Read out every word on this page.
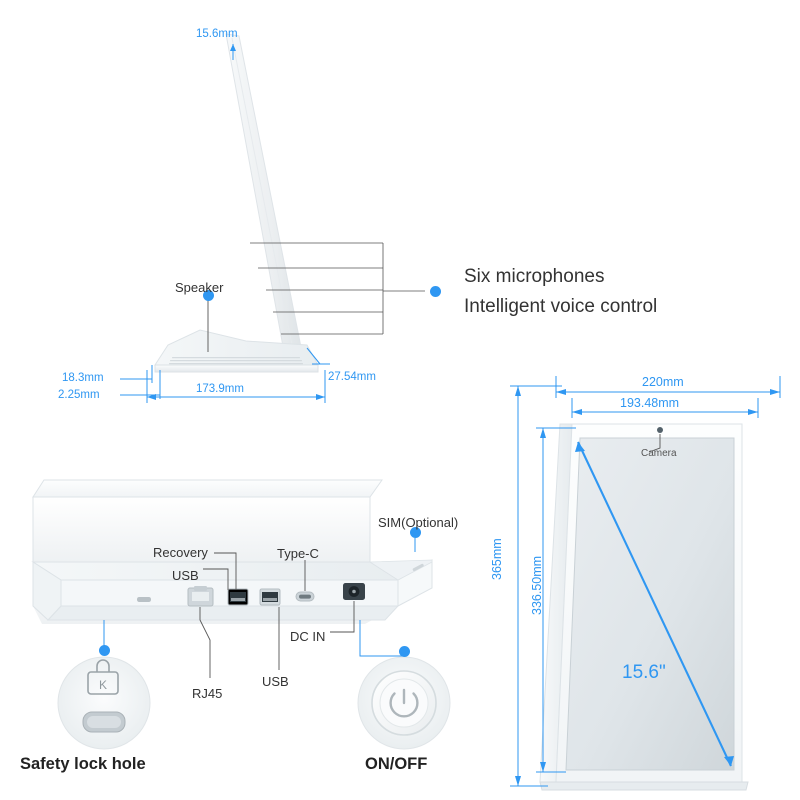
K
15.6mm
Speaker
Six microphones
Intelligent voice control
18.3mm
2.25mm	173.9mm
27.54mm
Recovery
USB
Type-C
SIM(Optional)
DC IN
RJ45
USB
Safety lock hole	ON/OFF
Camera
220mm
193.48mm
365mm 336.50mm
15.6"
